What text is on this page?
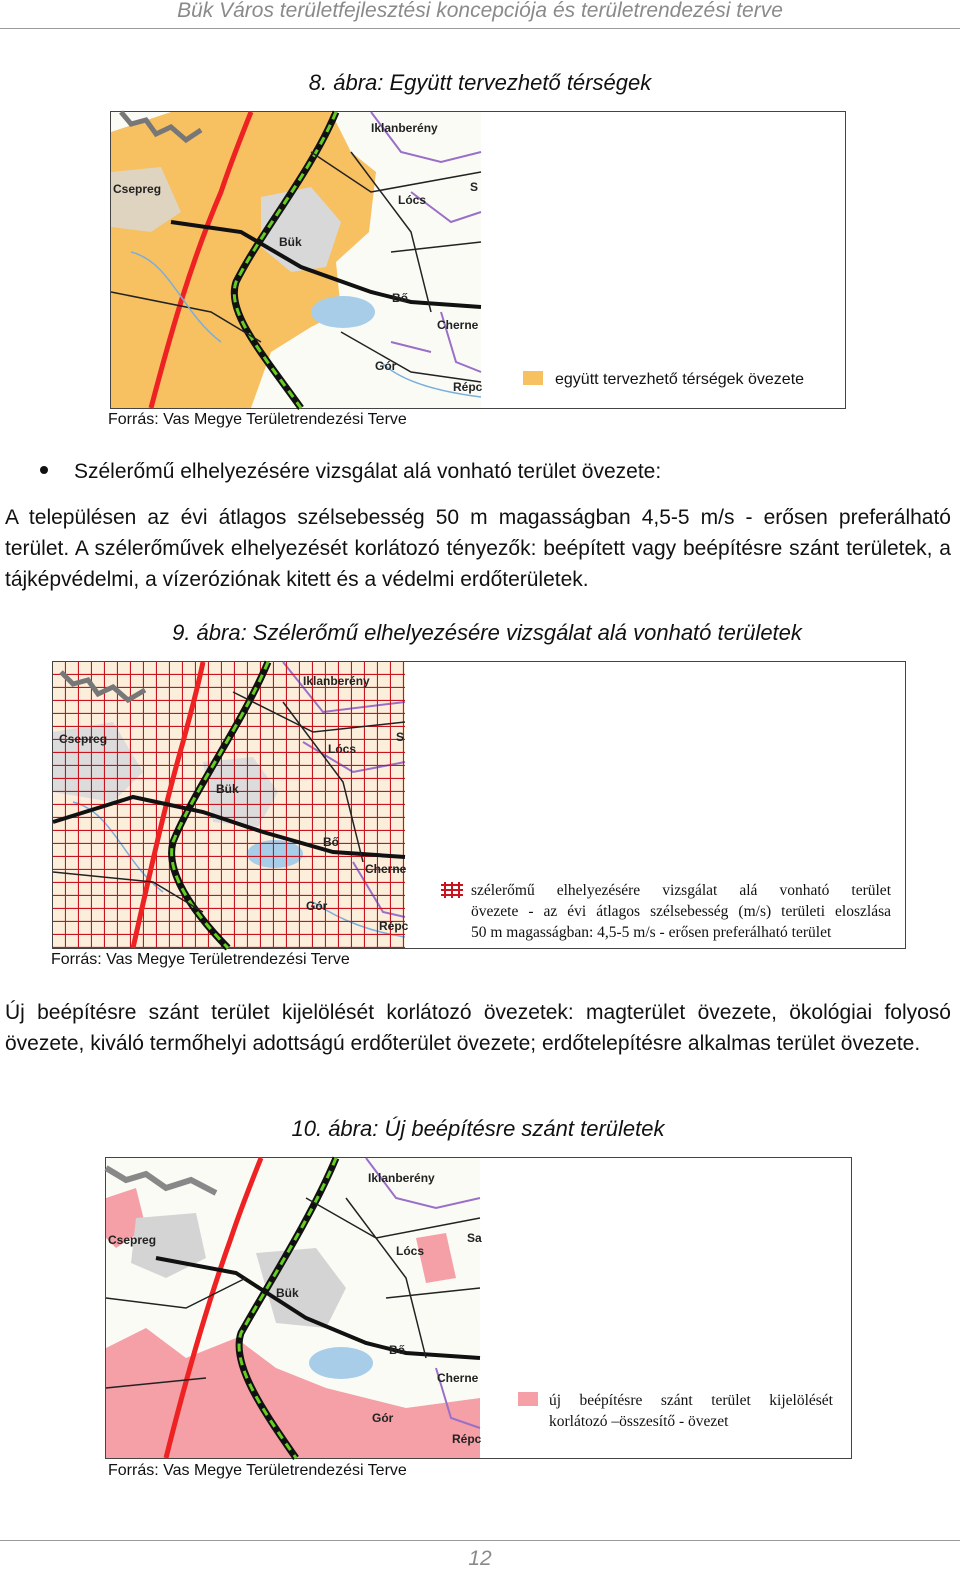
Bük Város területfejlesztési koncepciója és területrendezési terve
8. ábra: Együtt tervezhető térségek
Iklanberény
Csepreg
Lócs
S
Bük
Bő
Cherne
Gór
Répc	együtt tervezhető térségek övezete
Forrás: Vas Megye Területrendezési Terve
Szélerőmű elhelyezésére vizsgálat alá vonható terület övezete:
A településen az évi átlagos szélsebesség 50 m magasságban 4,5-5 m/s - erősen preferálható terület. A szélerőművek elhelyezését korlátozó tényezők: beépített vagy beépítésre szánt területek, a tájképvédelmi, a vízeróziónak kitett és a védelmi erdőterületek.
9. ábra: Szélerőmű elhelyezésére vizsgálat alá vonható területek
Iklanberény
Csepreg
Lócs
S
Bük
Bő
Cherne
Gór
Répc
szélerőmű elhelyezésére vizsgálat alá vonható terület
övezete - az évi átlagos szélsebesség (m/s) területi eloszlása
50 m magasságban: 4,5-5 m/s - erősen preferálható terület
Forrás: Vas Megye Területrendezési Terve
Új beépítésre szánt terület kijelölését korlátozó övezetek: magterület övezete, ökológiai folyosó övezete, kiváló termőhelyi adottságú erdőterület övezete; erdőtelepítésre alkalmas terület övezete.
10. ábra: Új beépítésre szánt területek
Iklanberény
Csepreg
Lócs
Sa
Bük
Bő
Cherne
Gór
Répc
új beépítésre szánt terület kijelölését
korlátozó –összesítő - övezet
Forrás: Vas Megye Területrendezési Terve
12
